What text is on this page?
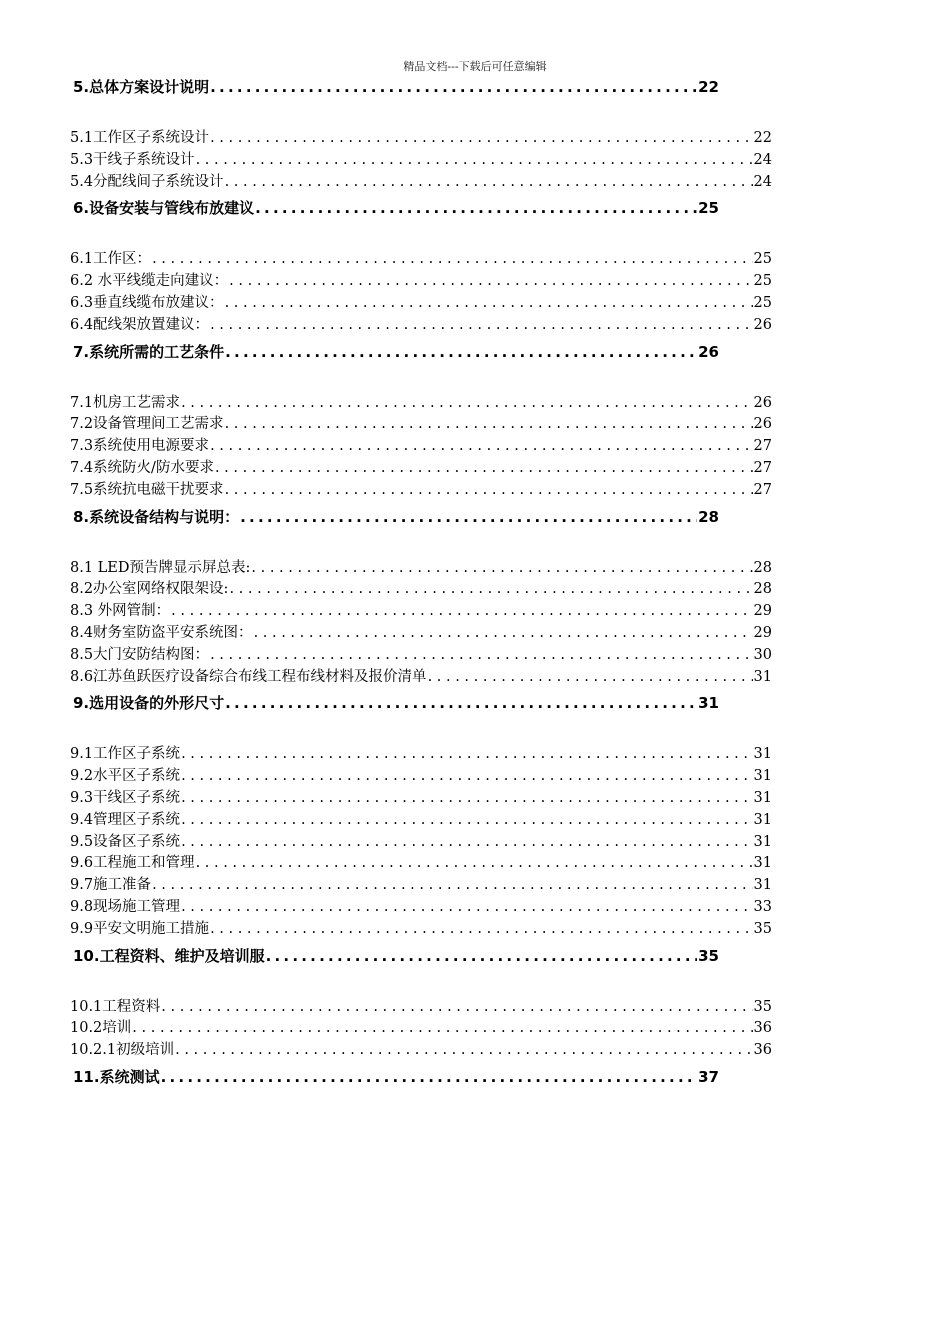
精品文档---下载后可任意编辑
5.总体方案设计说明 . . .	22
5.1工作区子系统设计 . . .	22
5.3干线子系统设计 . . .	24
5.4分配线间子系统设计 . . .	24
6.设备安装与管线布放建议 . . .	25
6.1工作区： . . .	25
6.2 水平线缆走向建议： . . .	25
6.3垂直线缆布放建议： . . .	25
6.4配线架放置建议： . . .	26
7.系统所需的工艺条件 . . .	26
7.1机房工艺需求 . . .	26
7.2设备管理间工艺需求 . . .	26
7.3系统使用电源要求 . . .	27
7.4系统防火/防水要求 . . .	27
7.5系统抗电磁干扰要求 . . .	27
8.系统设备结构与说明： . . .	28
8.1 LED预告牌显示屏总表: . . .	28
8.2办公室网络权限架设: . . .	28
8.3 外网管制： . . .	29
8.4财务室防盗平安系统图： . . .	29
8.5大门安防结构图： . . .	30
8.6江苏鱼跃医疗设备综合布线工程布线材料及报价清单 . . .	31
9.选用设备的外形尺寸 . . .	31
9.1工作区子系统 . . .	31
9.2水平区子系统 . . .	31
9.3干线区子系统 . . .	31
9.4管理区子系统 . . .	31
9.5设备区子系统 . . .	31
9.6工程施工和管理 . . .	31
9.7施工准备 . . .	31
9.8现场施工管理 . . .	33
9.9平安文明施工措施 . . .	35
10.工程资料、维护及培训服 . . .	35
10.1工程资料 . . .	35
10.2培训 . . .	36
10.2.1初级培训 . . .	36
11.系统测试 . . .	37
